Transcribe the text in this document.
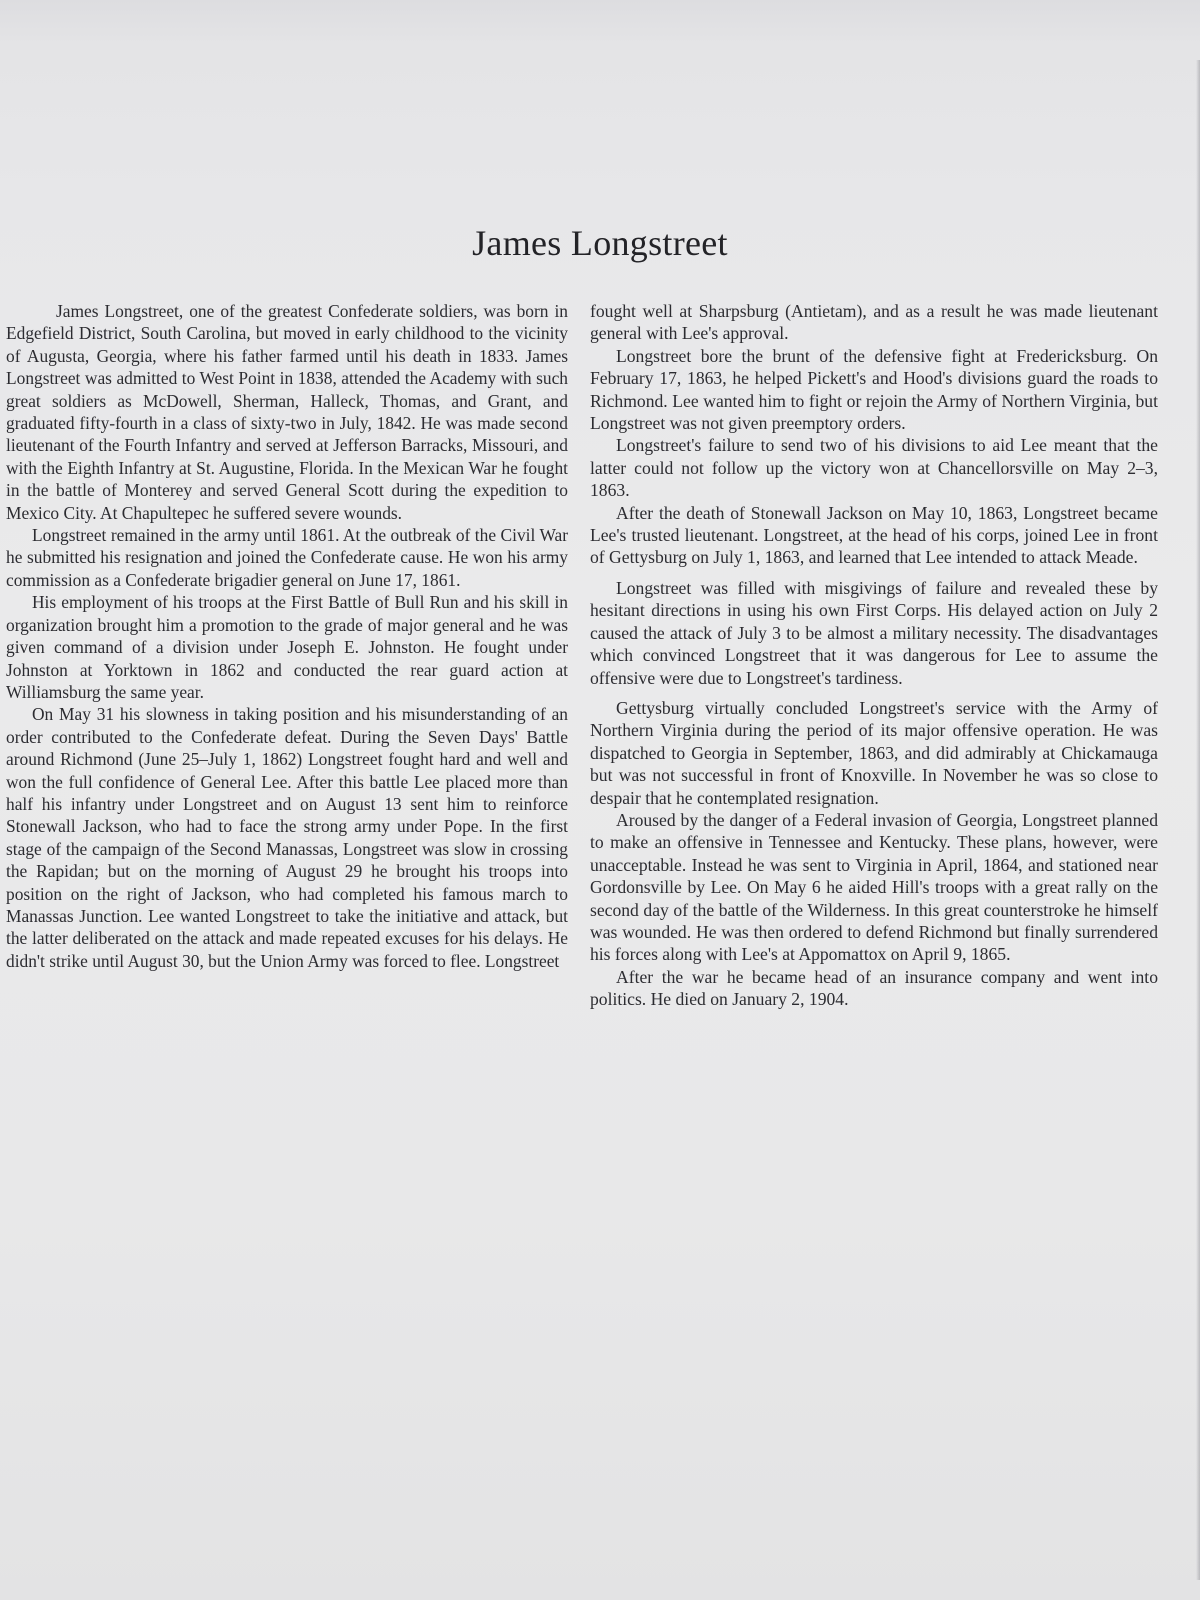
James Longstreet

James Longstreet, one of the greatest Confederate soldiers, was born in Edgefield District, South Carolina, but moved in early childhood to the vicinity of Augusta, Georgia, where his father farmed until his death in 1833. James Longstreet was admitted to West Point in 1838, attended the Academy with such great soldiers as McDowell, Sherman, Halleck, Thomas, and Grant, and graduated fifty-fourth in a class of sixty-two in July, 1842. He was made second lieutenant of the Fourth Infantry and served at Jefferson Barracks, Missouri, and with the Eighth Infantry at St. Augustine, Florida. In the Mexican War he fought in the battle of Monterey and served General Scott during the expedition to Mexico City. At Chapultepec he suffered severe wounds.

Longstreet remained in the army until 1861. At the outbreak of the Civil War he submitted his resignation and joined the Confederate cause. He won his army commission as a Confederate brigadier general on June 17, 1861.

His employment of his troops at the First Battle of Bull Run and his skill in organization brought him a promotion to the grade of major general and he was given command of a division under Joseph E. Johnston. He fought under Johnston at Yorktown in 1862 and conducted the rear guard action at Williamsburg the same year.

On May 31 his slowness in taking position and his misunderstanding of an order contributed to the Confederate defeat. During the Seven Days' Battle around Richmond (June 25–July 1, 1862) Longstreet fought hard and well and won the full confidence of General Lee. After this battle Lee placed more than half his infantry under Longstreet and on August 13 sent him to reinforce Stonewall Jackson, who had to face the strong army under Pope. In the first stage of the campaign of the Second Manassas, Longstreet was slow in crossing the Rapidan; but on the morning of August 29 he brought his troops into position on the right of Jackson, who had completed his famous march to Manassas Junction. Lee wanted Longstreet to take the initiative and attack, but the latter deliberated on the attack and made repeated excuses for his delays. He didn't strike until August 30, but the Union Army was forced to flee. Longstreet

fought well at Sharpsburg (Antietam), and as a result he was made lieutenant general with Lee's approval.

Longstreet bore the brunt of the defensive fight at Fredericksburg. On February 17, 1863, he helped Pickett's and Hood's divisions guard the roads to Richmond. Lee wanted him to fight or rejoin the Army of Northern Virginia, but Longstreet was not given preemptory orders.

Longstreet's failure to send two of his divisions to aid Lee meant that the latter could not follow up the victory won at Chancellorsville on May 2–3, 1863.

After the death of Stonewall Jackson on May 10, 1863, Longstreet became Lee's trusted lieutenant. Longstreet, at the head of his corps, joined Lee in front of Gettysburg on July 1, 1863, and learned that Lee intended to attack Meade.

Longstreet was filled with misgivings of failure and revealed these by hesitant directions in using his own First Corps. His delayed action on July 2 caused the attack of July 3 to be almost a military necessity. The disadvantages which convinced Longstreet that it was dangerous for Lee to assume the offensive were due to Longstreet's tardiness.

Gettysburg virtually concluded Longstreet's service with the Army of Northern Virginia during the period of its major offensive operation. He was dispatched to Georgia in September, 1863, and did admirably at Chickamauga but was not successful in front of Knoxville. In November he was so close to despair that he contemplated resignation.

Aroused by the danger of a Federal invasion of Georgia, Longstreet planned to make an offensive in Tennessee and Kentucky. These plans, however, were unacceptable. Instead he was sent to Virginia in April, 1864, and stationed near Gordonsville by Lee. On May 6 he aided Hill's troops with a great rally on the second day of the battle of the Wilderness. In this great counterstroke he himself was wounded. He was then ordered to defend Richmond but finally surrendered his forces along with Lee's at Appomattox on April 9, 1865.

After the war he became head of an insurance company and went into politics. He died on January 2, 1904.
